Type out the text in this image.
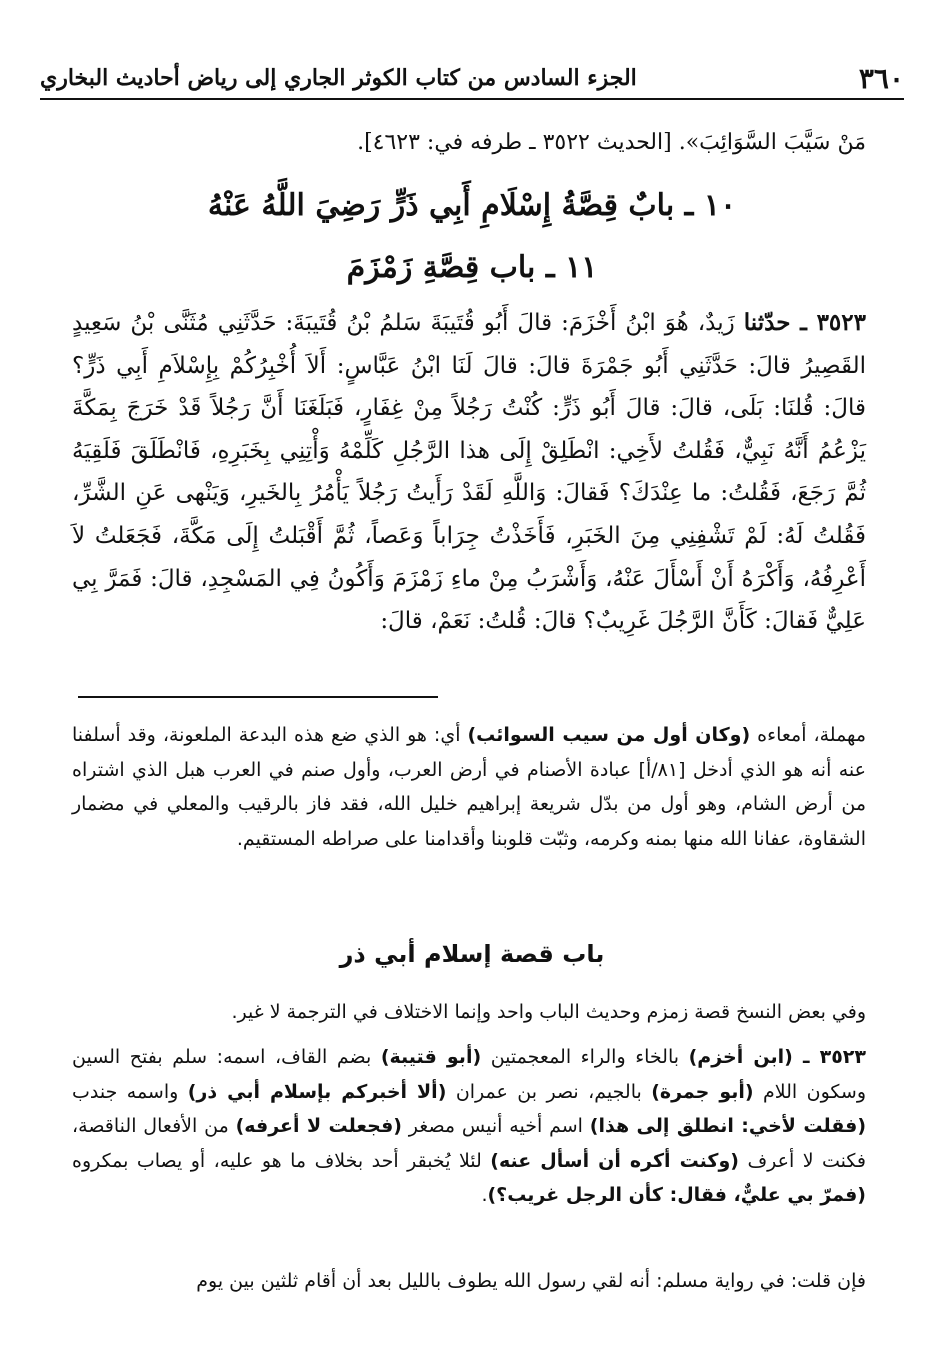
٣٦٠
الجزء السادس من كتاب الكوثر الجاري إلى رياض أحاديث البخاري
مَنْ سَيَّبَ السَّوَائِبَ». [الحديث ٣٥٢٢ ـ طرفه في: ٤٦٢٣].
١٠ ـ بابٌ قِصَّةُ إِسْلَامِ أَبِي ذَرٍّ رَضِيَ اللَّهُ عَنْهُ
١١ ـ باب قِصَّةِ زَمْزَمَ
٣٥٢٣ ـ حدّثنا زَيدٌ، هُوَ ابْنُ أَخْزَمَ: قالَ أَبُو قُتَيبَةَ سَلمُ بْنُ قُتَيبَةَ: حَدَّثَنِي مُثَنَّى بْنُ سَعِيدٍ القَصِيرُ قالَ: حَدَّثَنِي أَبُو جَمْرَةَ قالَ: قالَ لَنَا ابْنُ عَبَّاسٍ: أَلاَ أُخْبِرُكُمْ بِإِسْلاَمِ أَبِي ذَرٍّ؟ قالَ: قُلنَا: بَلَى، قالَ: قالَ أَبُو ذَرٍّ: كُنْتُ رَجُلاً مِنْ غِفَارٍ، فَبَلَغَنَا أَنَّ رَجُلاً قَدْ خَرَجَ بِمَكَّةَ يَزْعُمُ أَنَّهُ نَبِيٌّ، فَقُلتُ لأَخِي: انْطَلِقْ إِلَى هذا الرَّجُلِ كَلِّمْهُ وَأْتِنِي بِخَبَرِهِ، فَانْطَلَقَ فَلَقِيَهُ ثُمَّ رَجَعَ، فَقُلتُ: ما عِنْدَكَ؟ فَقالَ: وَاللَّهِ لَقَدْ رَأَيتُ رَجُلاً يَأْمُرُ بِالخَيرِ، وَيَنْهى عَنِ الشَّرِّ، فَقُلتُ لَهُ: لَمْ تَشْفِنِي مِنَ الخَبَرِ، فَأَخَذْتُ جِرَاباً وَعَصاً، ثُمَّ أَقْبَلتُ إِلَى مَكَّةَ، فَجَعَلتُ لاَ أَعْرِفُهُ، وَأَكْرَهُ أَنْ أَسْأَلَ عَنْهُ، وَأَشْرَبُ مِنْ ماءِ زَمْزَمَ وَأَكُونُ فِي المَسْجِدِ، قالَ: فَمَرَّ بِي عَلِيٌّ فَقالَ: كَأَنَّ الرَّجُلَ غَرِيبٌ؟ قالَ: قُلتُ: نَعَمْ، قالَ:
مهملة، أمعاءه (وكان أول من سيب السوائب) أي: هو الذي ضع هذه البدعة الملعونة، وقد أسلفنا عنه أنه هو الذي أدخل [٨١/أ] عبادة الأصنام في أرض العرب، وأول صنم في العرب هبل الذي اشتراه من أرض الشام، وهو أول من بدّل شريعة إبراهيم خليل الله، فقد فاز بالرقيب والمعلي في مضمار الشقاوة، عفانا الله منها بمنه وكرمه، وثبّت قلوبنا وأقدامنا على صراطه المستقيم.
باب قصة إسلام أبي ذر
وفي بعض النسخ قصة زمزم وحديث الباب واحد وإنما الاختلاف في الترجمة لا غير.
٣٥٢٣ ـ (ابن أخزم) بالخاء والراء المعجمتين (أبو قتيبة) بضم القاف، اسمه: سلم بفتح السين وسكون اللام (أبو جمرة) بالجيم، نصر بن عمران (ألا أخبركم بإسلام أبي ذر) واسمه جندب (فقلت لأخي: انطلق إلى هذا) اسم أخيه أنيس مصغر (فجعلت لا أعرفه) من الأفعال الناقصة، فكنت لا أعرف (وكنت أكره أن أسأل عنه) لئلا يُخبقر أحد بخلاف ما هو عليه، أو يصاب بمكروه (فمرّ بي عليٌّ، فقال: كأن الرجل غريب؟).
فإن قلت: في رواية مسلم: أنه لقي رسول الله يطوف بالليل بعد أن أقام ثلثين بين يوم
